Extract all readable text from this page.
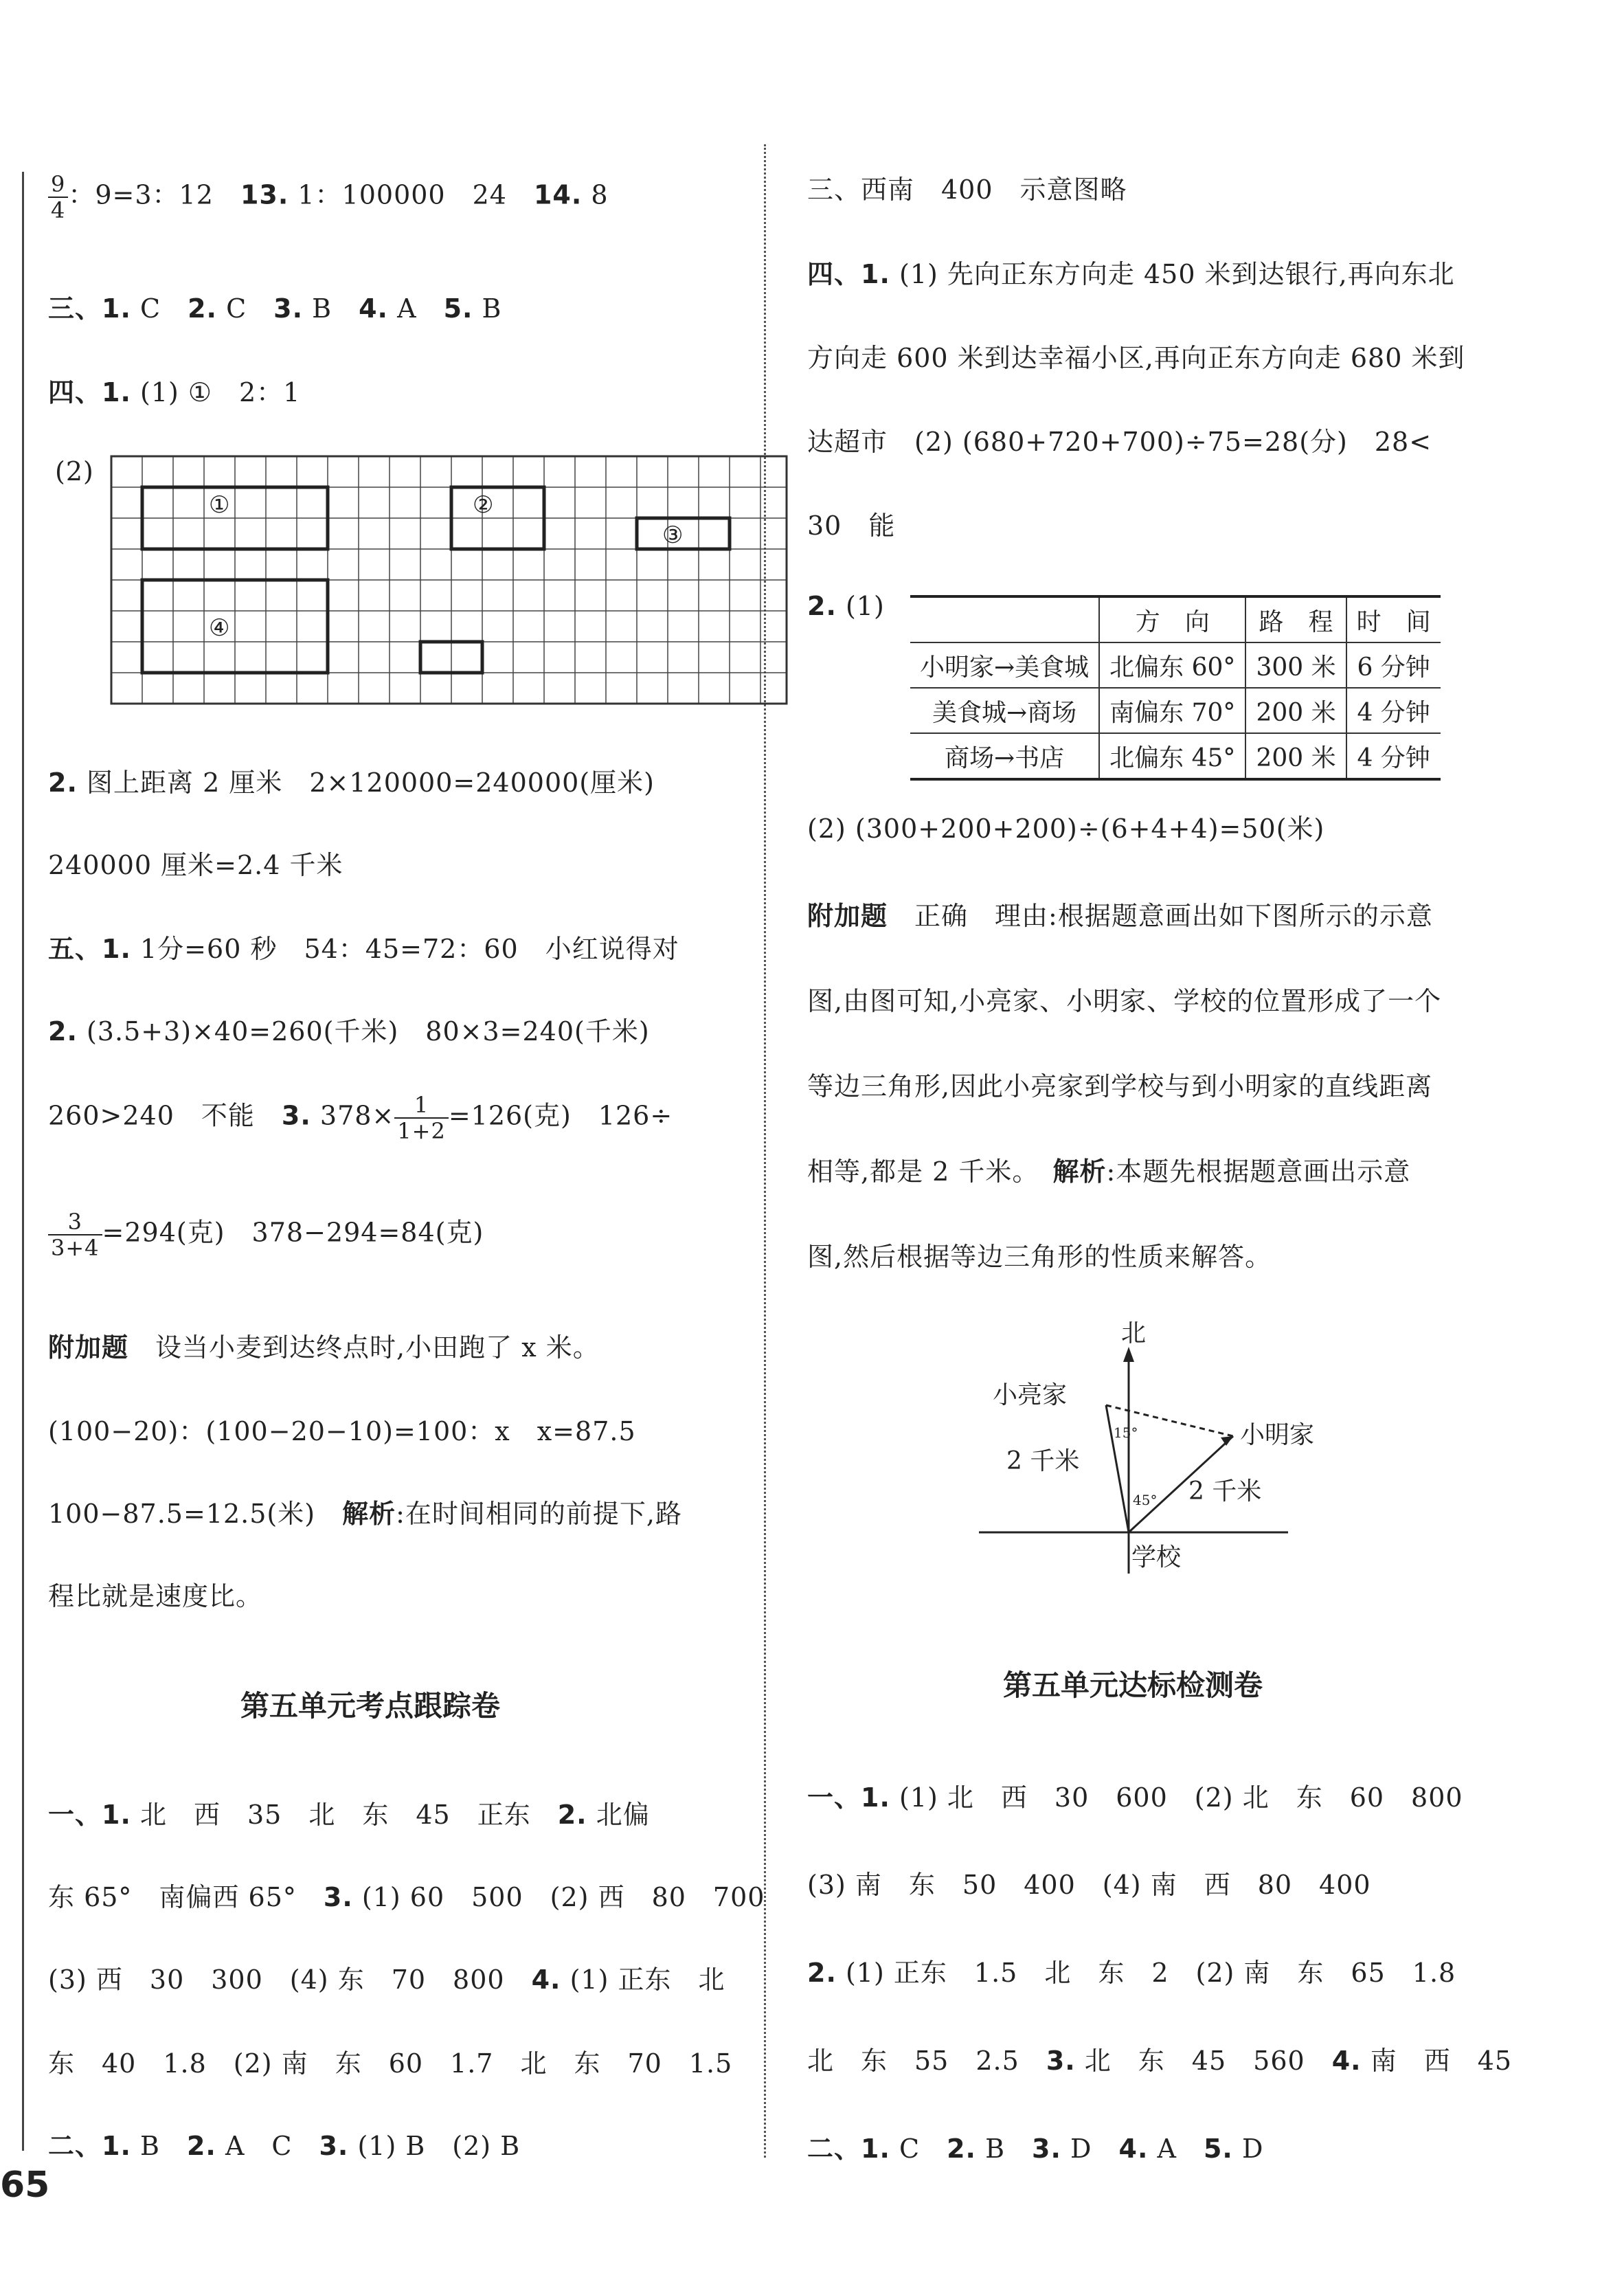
$\frac{9}{4}$ ：9=3：12　 13. 1：100000　24　 14. 8
三、1. C　 2. C　 3. B　 4. A　 5. B
四、1. (1) ①　2：1
(2)
①	②
③
④
2. 图上距离 2 厘米　2×120000=240000(厘米)
240000 厘米=2.4 千米
五、1. 1分=60 秒　54：45=72：60　小红说得对
2. (3.5+3)×40=260(千米)　80×3=240(千米)
260>240　不能　 3. $378\times \frac{1}{1+2} =126$(克)　126÷
$\frac{3}{3+4} =294$(克)　378−294=84(克)
附加题　 设当小麦到达终点时,小田跑了 x 米。
(100−20)：(100−20−10)=100：x　x=87.5
100−87.5=12.5(米)　 解析:在时间相同的前提下,路
程比就是速度比。
第五单元考点跟踪卷
一、1. 北　西　35　北　东　45　正东　 2. 北偏
东 65°　南偏西 65°　 3. (1) 60　500　(2) 西　80　700
(3) 西　30　300　(4) 东　70　800　 4. (1) 正东　北
东　40　1.8　(2) 南　东　60　1.7　北　东　70　1.5
二、1. B　 2. A　C　 3. (1) B　(2) B
三、西南　400　示意图略
四、1. (1) 先向正东方向走 450 米到达银行,再向东北
方向走 600 米到达幸福小区,再向正东方向走 680 米到
达超市　(2) (680+720+700)÷75=28(分)　28<
30　能
2. (1)
	方　向	路　程	时　间
小明家→美食城	北偏东 60°	300 米	6 分钟
美食城→商场	南偏东 70°	200 米	4 分钟
商场→书店	北偏东 45°	200 米	4 分钟
(2) (300+200+200)÷(6+4+4)=50(米)
附加题　 正确　理由:根据题意画出如下图所示的示意
图,由图可知,小亮家、小明家、学校的位置形成了一个
等边三角形,因此小亮家到学校与到小明家的直线距离
相等,都是 2 千米。　 解析:本题先根据题意画出示意
图,然后根据等边三角形的性质来解答。
北
小亮家
小明家
学校
2 千米
2 千米
15°
45°
第五单元达标检测卷
一、1. (1) 北　西　30　600　(2) 北　东　60　800
(3) 南　东　50　400　(4) 南　西　80　400
2. (1) 正东　1.5　北　东　2　(2) 南　东　65　1.8
北　东　55　2.5　 3. 北　东　45　560　 4. 南　西　45
二、1. C　 2. B　 3. D　 4. A　 5. D
65
